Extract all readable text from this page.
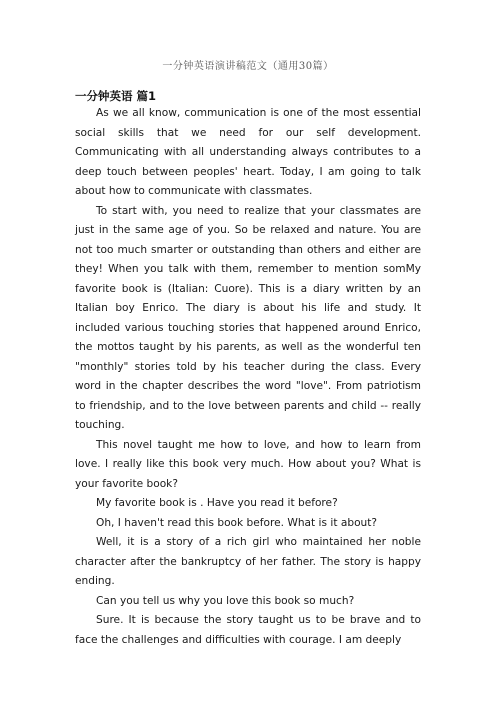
一分钟英语演讲稿范文（通用30篇）
一分钟英语 篇1

As we all know, communication is one of the most essential social skills that we need for our self development. Communicating with all understanding always contributes to a deep touch between peoples' heart. Today, I am going to talk about how to communicate with classmates.

To start with, you need to realize that your classmates are just in the same age of you. So be relaxed and nature. You are not too much smarter or outstanding than others and either are they! When you talk with them, remember to mention somMy favorite book is (Italian: Cuore). This is a diary written by an Italian boy Enrico. The diary is about his life and study. It included various touching stories that happened around Enrico, the mottos taught by his parents, as well as the wonderful ten "monthly" stories told by his teacher during the class. Every word in the chapter describes the word "love". From patriotism to friendship, and to the love between parents and child -- really touching.

This novel taught me how to love, and how to learn from love. I really like this book very much. How about you? What is your favorite book?

My favorite book is . Have you read it before?

Oh, I haven't read this book before. What is it about?

Well, it is a story of a rich girl who maintained her noble character after the bankruptcy of her father. The story is happy ending.

Can you tell us why you love this book so much?

Sure. It is because the story taught us to be brave and to face the challenges and difficulties with courage. I am deeply
